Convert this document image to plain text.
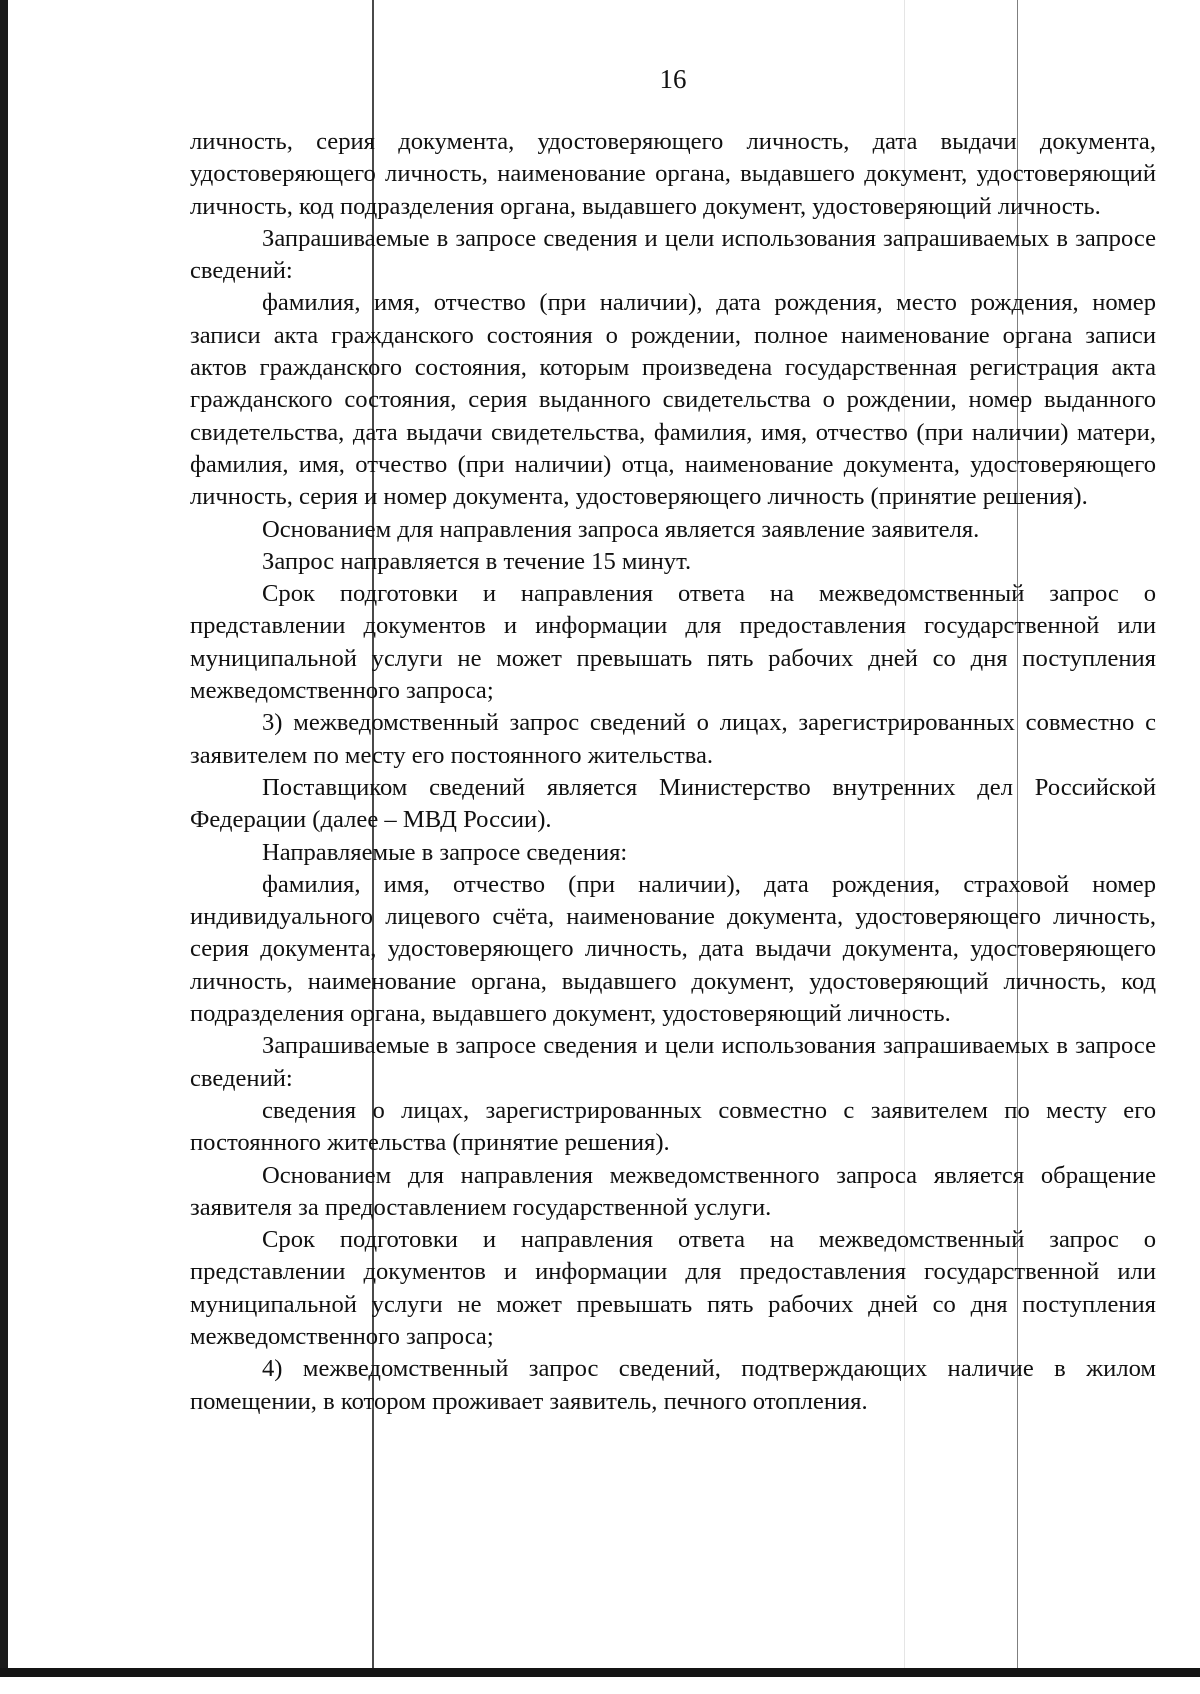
16

личность, серия документа, удостоверяющего личность, дата выдачи документа, удостоверяющего личность, наименование органа, выдавшего документ, удостоверяющий личность, код подразделения органа, выдавшего документ, удостоверяющий личность.

Запрашиваемые в запросе сведения и цели использования запрашиваемых в запросе сведений:

фамилия, имя, отчество (при наличии), дата рождения, место рождения, номер записи акта гражданского состояния о рождении, полное наименование органа записи актов гражданского состояния, которым произведена государственная регистрация акта гражданского состояния, серия выданного свидетельства о рождении, номер выданного свидетельства, дата выдачи свидетельства, фамилия, имя, отчество (при наличии) матери, фамилия, имя, отчество (при наличии) отца, наименование документа, удостоверяющего личность, серия и номер документа, удостоверяющего личность (принятие решения).

Основанием для направления запроса является заявление заявителя.

Запрос направляется в течение 15 минут.

Срок подготовки и направления ответа на межведомственный запрос о представлении документов и информации для предоставления государственной или муниципальной услуги не может превышать пять рабочих дней со дня поступления межведомственного запроса;

3) межведомственный запрос сведений о лицах, зарегистрированных совместно с заявителем по месту его постоянного жительства.

Поставщиком сведений является Министерство внутренних дел Российской Федерации (далее – МВД России).

Направляемые в запросе сведения:

фамилия, имя, отчество (при наличии), дата рождения, страховой номер индивидуального лицевого счёта, наименование документа, удостоверяющего личность, серия документа, удостоверяющего личность, дата выдачи документа, удостоверяющего личность, наименование органа, выдавшего документ, удостоверяющий личность, код подразделения органа, выдавшего документ, удостоверяющий личность.

Запрашиваемые в запросе сведения и цели использования запрашиваемых в запросе сведений:

сведения о лицах, зарегистрированных совместно с заявителем по месту его постоянного жительства (принятие решения).

Основанием для направления межведомственного запроса является обращение заявителя за предоставлением государственной услуги.

Срок подготовки и направления ответа на межведомственный запрос о представлении документов и информации для предоставления государственной или муниципальной услуги не может превышать пять рабочих дней со дня поступления межведомственного запроса;

4) межведомственный запрос сведений, подтверждающих наличие в жилом помещении, в котором проживает заявитель, печного отопления.
